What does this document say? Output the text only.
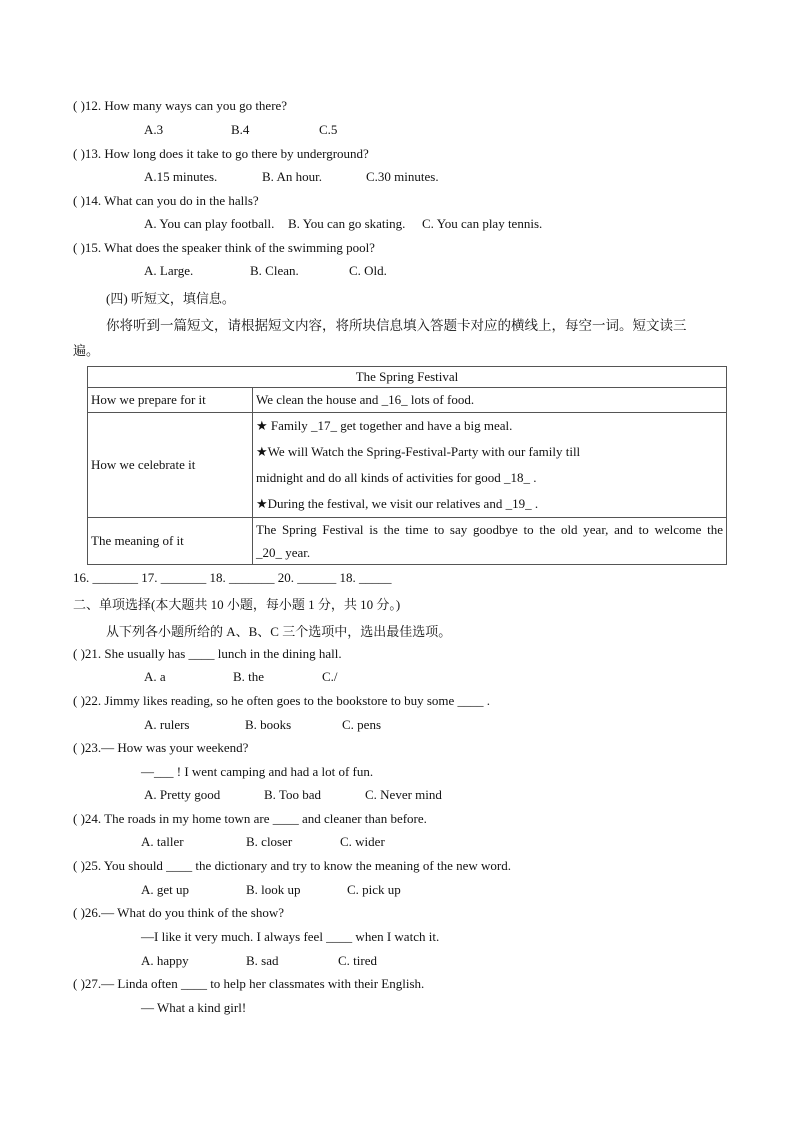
( )12. How many ways can you go there?
A.3	B.4	C.5
( )13. How long does it take to go there by underground?
A.15 minutes.	B. An hour.	C.30 minutes.
( )14. What can you do in the halls?
A. You can play football. B. You can go skating. C. You can play tennis.
( )15. What does the speaker think of the swimming pool?
A. Large.	B. Clean.	C. Old.
(四) 听短文，填信息。
你将听到一篇短文，请根据短文内容，将所块信息填入答题卡对应的横线上，每空一词。短文读三
遍。
The Spring Festival	
How we prepare for it	We clean the house and _16_ lots of food.
How we celebrate it	★ Family _17_ get together and have a big meal.
★We will Watch the Spring-Festival-Party with our family till
midnight and do all kinds of activities for good _18_ .
★During the festival, we visit our relatives and _19_ .

The meaning of it	The Spring Festival is the time to say goodbye to the old year, and to welcome the
_20_ year.
16. _______ 17. _______ 18. _______ 20. ______ 18. _____
二、单项选择(本大题共 10 小题，每小题 1 分，共 10 分。)
从下列各小题所给的 A、B、C 三个选项中，选出最佳选项。
( )21. She usually has ____ lunch in the dining hall.
A. a	B. the	C./
( )22. Jimmy likes reading, so he often goes to the bookstore to buy some ____ .
A. rulers	B. books	C. pens
( )23.— How was your weekend?
—___ ! I went camping and had a lot of fun.
A. Pretty good	B. Too bad	C. Never mind
( )24. The roads in my home town are ____ and cleaner than before.
A. taller	B. closer	C. wider
( )25. You should ____ the dictionary and try to know the meaning of the new word.
A. get up	B. look up	C. pick up
( )26.— What do you think of the show?
—I like it very much. I always feel ____ when I watch it.
A. happy	B. sad	C. tired
( )27.— Linda often ____ to help her classmates with their English.
— What a kind girl!
